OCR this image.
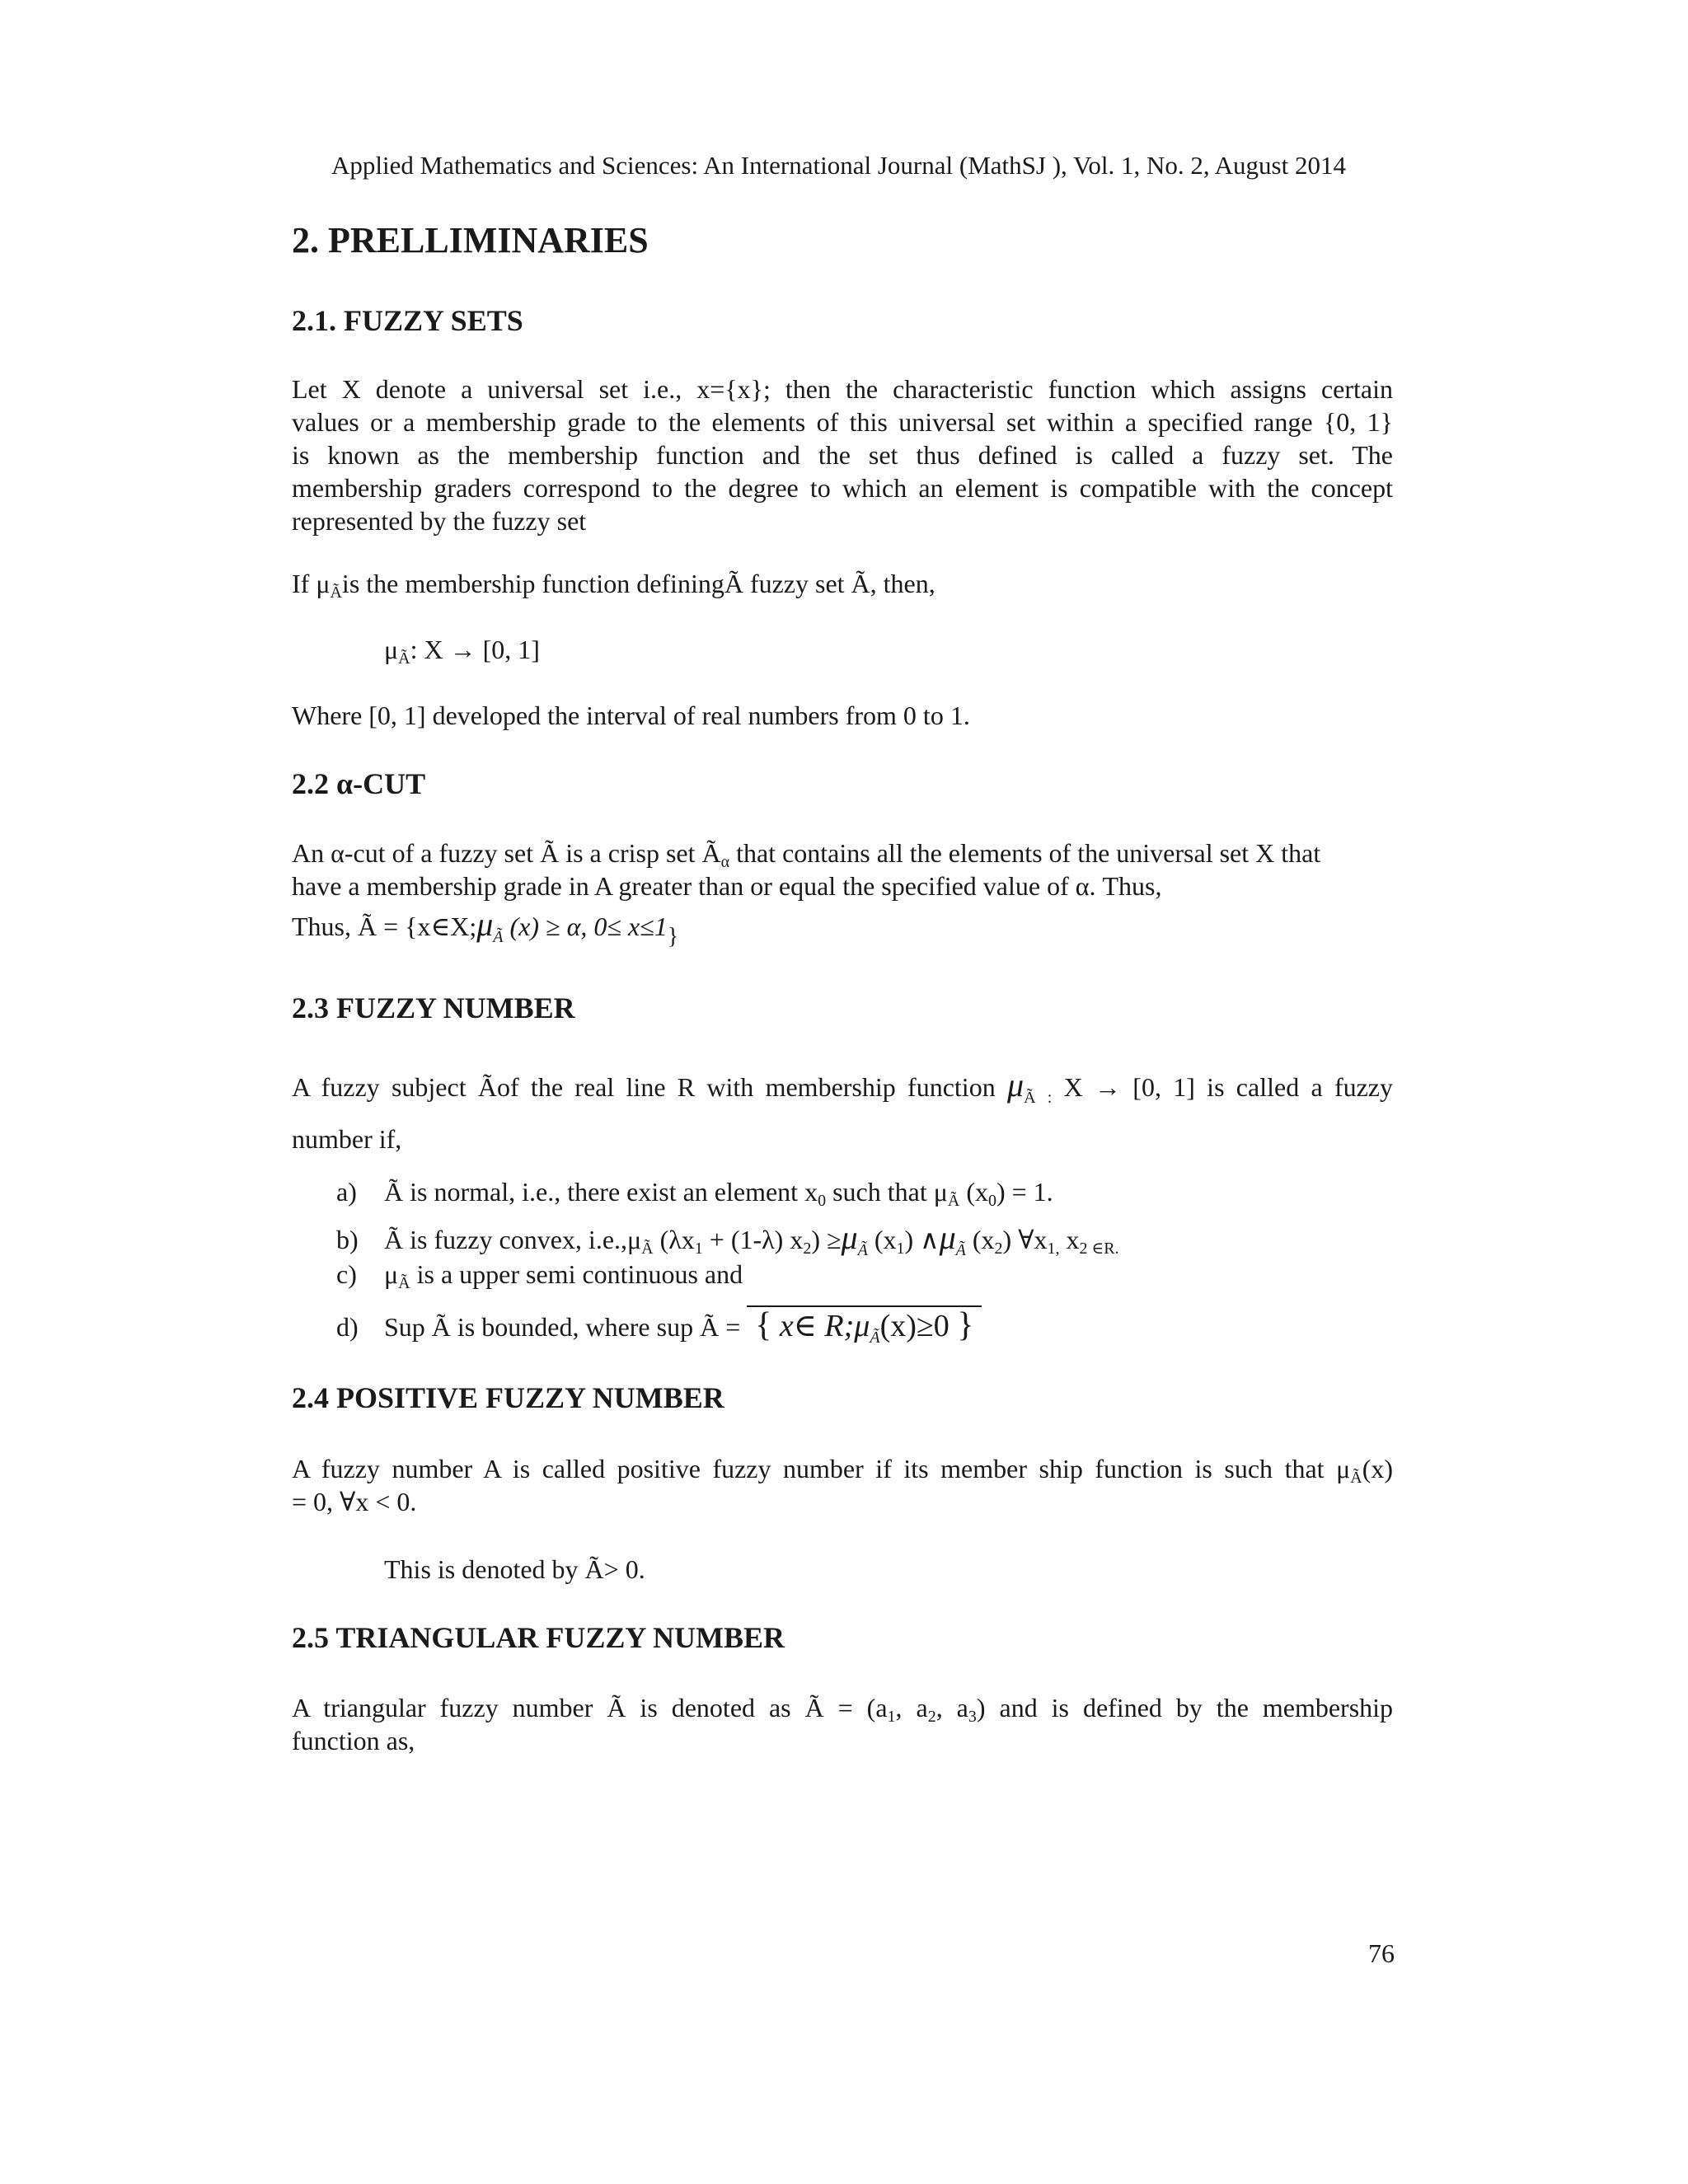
Applied Mathematics and Sciences: An International Journal (MathSJ ), Vol. 1, No. 2, August 2014
2. PRELLIMINARIES
2.1. FUZZY SETS

Let X denote a universal set i.e., x={x}; then the characteristic function which assigns certain
values or a membership grade to the elements of this universal set within a specified range {0, 1}
is known as the membership function and the set thus defined is called a fuzzy set. The
membership graders correspond to the degree to which an element is compatible with the concept
represented by the fuzzy set

If $\mu_Ãis$ the membership function definingÃ fuzzy set Ã, then,

$\mu_Ã$: X → [0, 1]

Where [0, 1] developed the interval of real numbers from 0 to 1.

2.2 α-CUT

An α-cut of a fuzzy set Ã is a crisp set $Ã_\alpha$ that contains all the elements of the universal set X that
have a membership grade in A greater than or equal the specified value of α. Thus,

Thus, Ã = {$x\in X;\mu_Ã$ (x) ≥ α, 0≤ x≤1}

2.3 FUZZY NUMBER

A fuzzy subject Ãof the real line R with membership function $\mu_Ã$ $_:$ X → [0, 1] is called a fuzzy
number if,

a) Ã is normal, i.e., there exist an element $x_0$ such that $\mu_Ã$ $(x_0) = 1$.
b) Ã is fuzzy convex, $i.e.,\mu_Ã$ ($\lambda x_1 + (1-\lambda)$ $x_2) \ge\mu_Ã$ $(x_1)$ $\wedge\mu_Ã$ $(x_2)$ $\forall x_{1,}$ $x_{2 \in R.}$
c) $\mu_Ã$ is a upper semi continuous and
d) Sup Ã is bounded, where sup Ã = { x∈ $R;\mu_Ã(x)\ge 0$ }
2.4 POSITIVE FUZZY NUMBER

A fuzzy number A is called positive fuzzy number if its member ship function is such that $\mu_Ã(x)$
= 0, ∀x < 0.

This is denoted by Ã> 0.

2.5 TRIANGULAR FUZZY NUMBER

A triangular fuzzy number Ã is denoted as Ã = ($a_1$, $a_2$, $a_3$) and is defined by the membership
function as,

76
